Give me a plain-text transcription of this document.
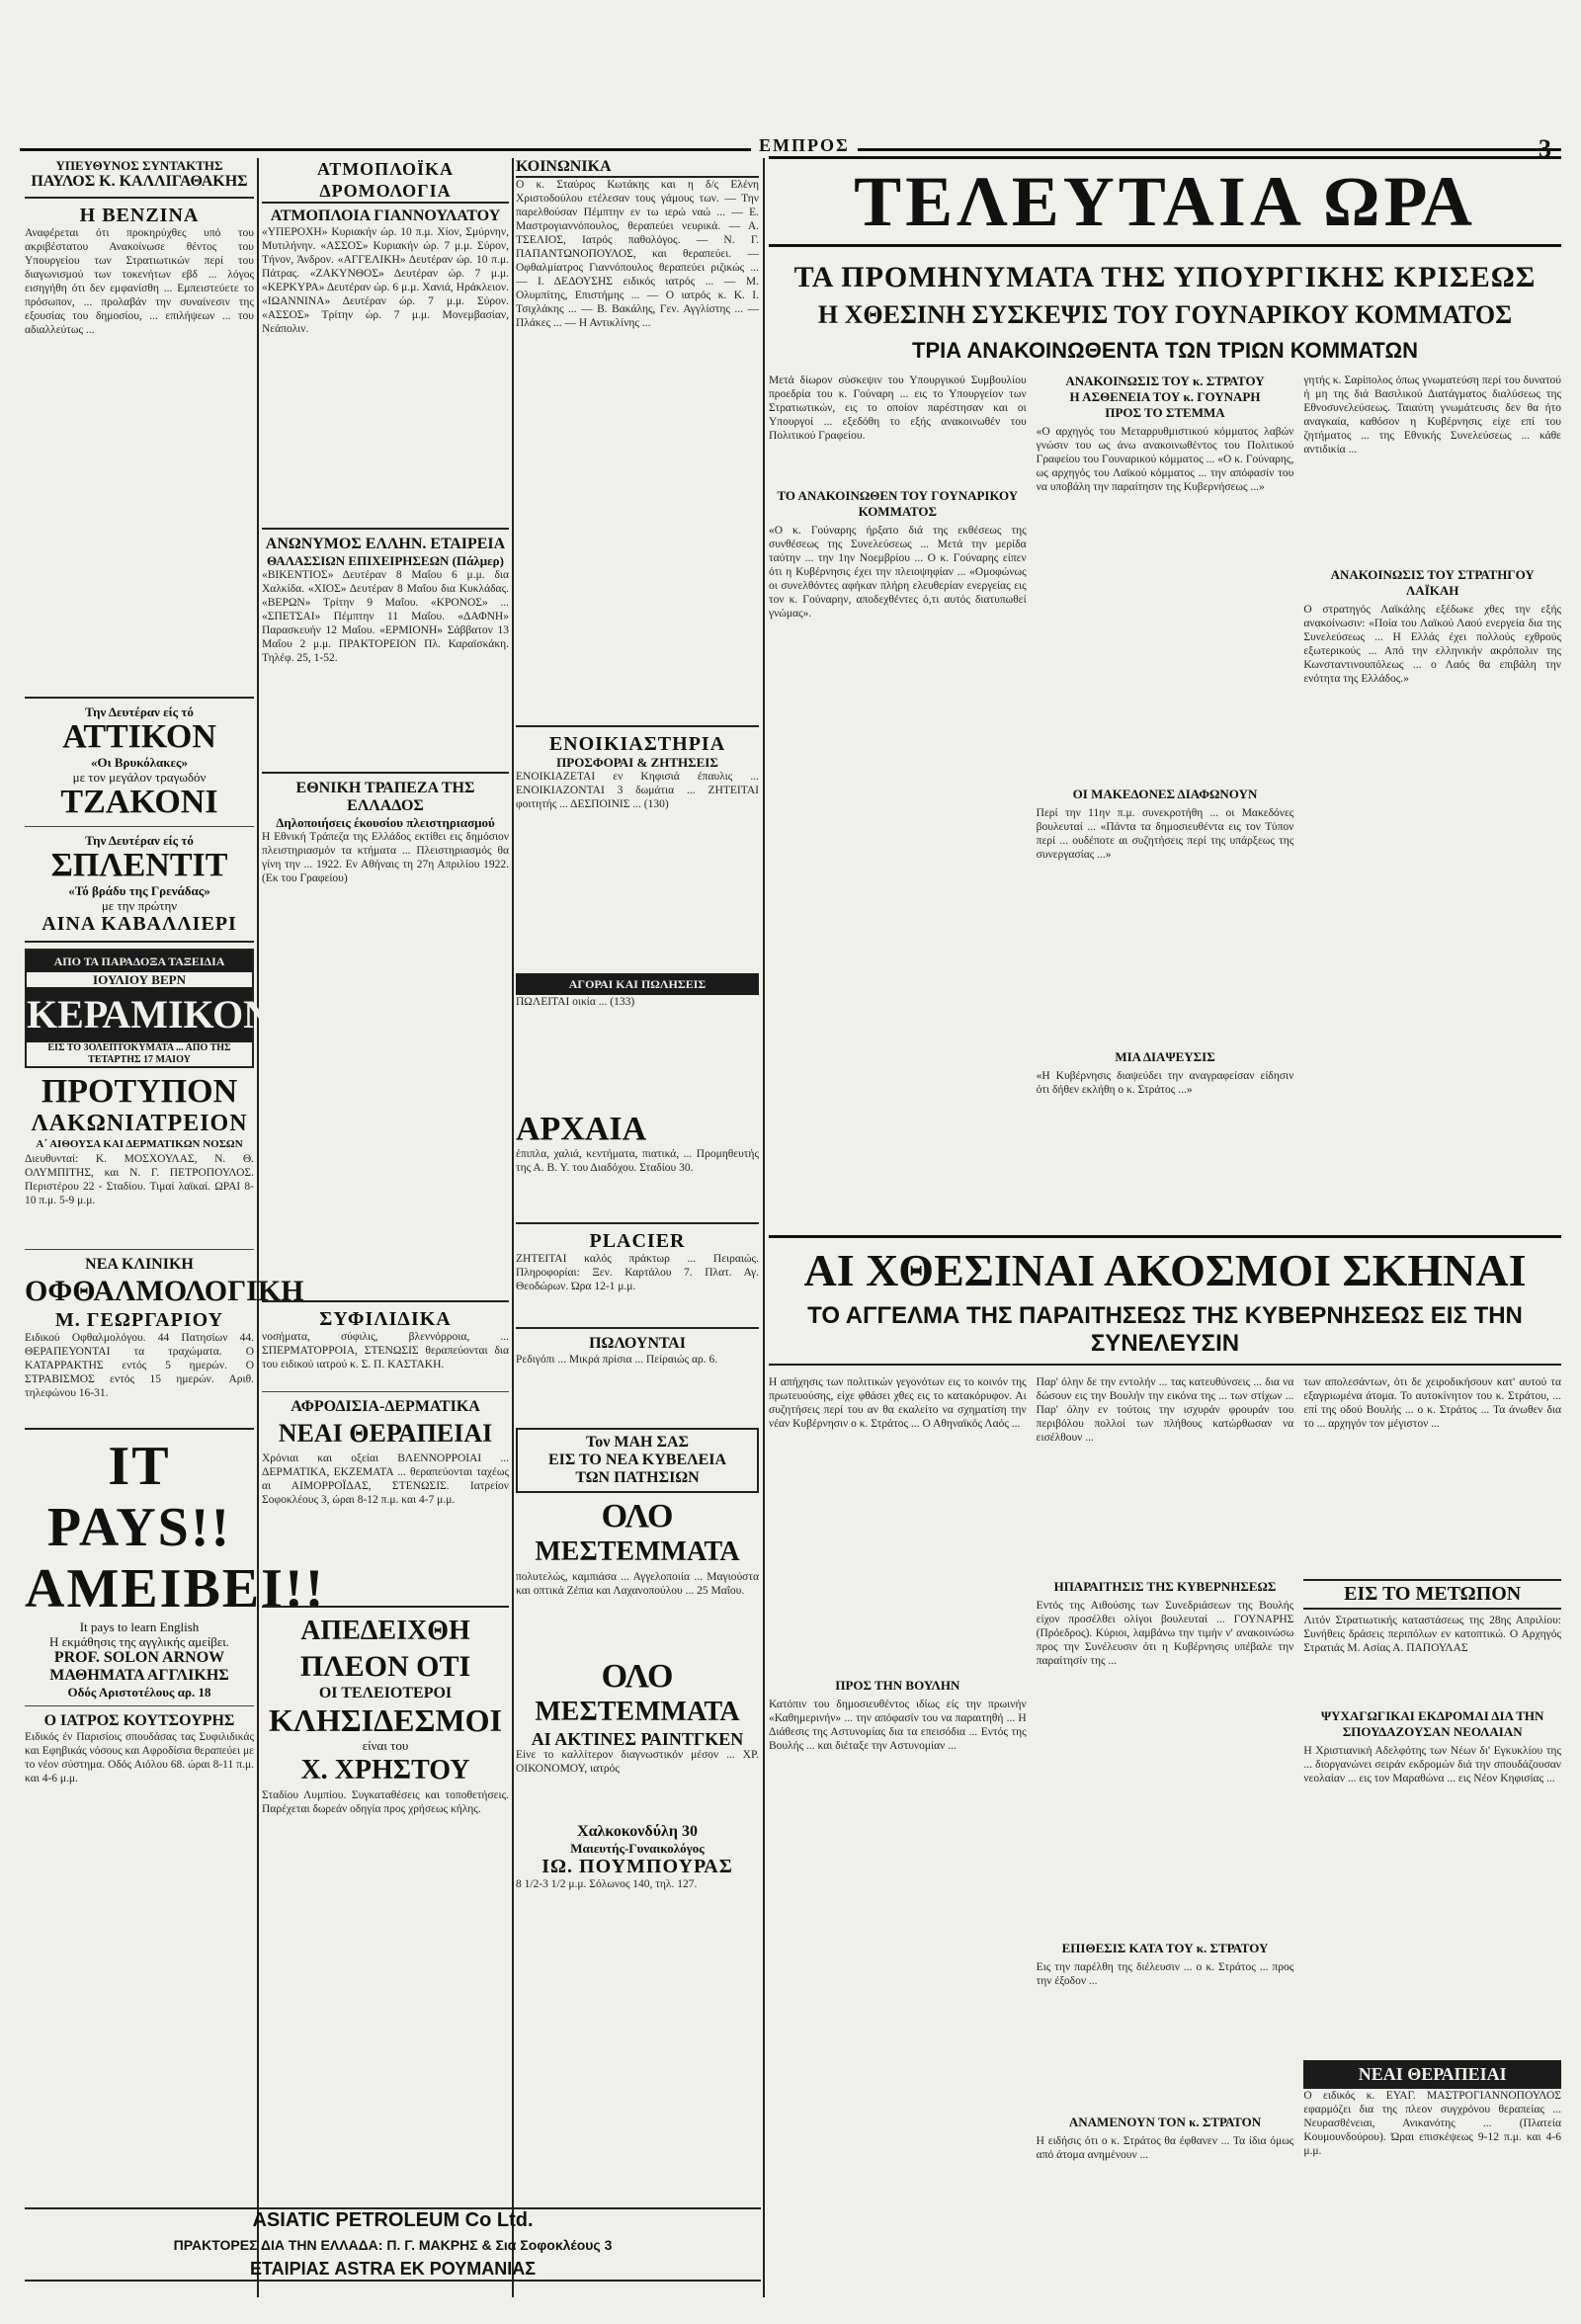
ΕΜΠΡΟΣ	3
ΥΠΕΥΘΥΝΟΣ ΣΥΝΤΑΚΤΗΣ
ΠΑΥΛΟΣ Κ. ΚΑΛΛΙΓΑΘΑΚΗΣ
Η ΒΕΝΖΙΝΑ
Αναφέρεται ότι προκηρύχθες υπό του ακριβέστατου Ανακοίνωσε θέντος του Υπουργείου των Στρατιωτικών περί του διαγωνισμού των τοκενήτων εβδ ... λόγος εισηγήθη ότι δεν εμφανίσθη ... Εμπειστεύετε το πρόσωπον, ... προλαβάν την συναίνεσιν της εξουσίας του δημοσίου, ... επιλήψεων ... του αδιαλλεύτως ...
Την Δευτέραν είς τό
ΑΤΤΙΚΟΝ
«Οι Βρυκόλακες»
με τον μεγάλον τραγωδόν
ΤΖΑΚΟΝΙ
Την Δευτέραν είς τό
ΣΠΛΕΝΤΙΤ
«Τό βράδυ της Γρενάδας»
με την πρώτην
ΑΙΝΑ ΚΑΒΑΛΛΙΕΡΙ
ΑΠΟ ΤΑ ΠΑΡΑΔΟΞΑ ΤΑΞΕΙΔΙΑ
ΙΟΥΛΙΟΥ ΒΕΡΝ
ΚΕΡΑΜΙΚΟΝ
ΕΙΣ ΤΟ 3ΟΛΕΠΤΟΚΥΜΑΤΑ ... ΑΠΟ ΤΗΣ ΤΕΤΑΡΤΗΣ 17 ΜΑΙΟΥ
ΠΡΟΤΥΠΟΝ
ΛΑΚΩΝΙΑΤΡΕΙΟΝ
Α΄ ΑΙΘΟΥΣΑ ΚΑΙ ΔΕΡΜΑΤΙΚΩΝ ΝΟΣΩΝ
Διευθυνταί: Κ. ΜΟΣΧΟΥΛΑΣ, Ν. Θ. ΟΛΥΜΠΙΤΗΣ, και Ν. Γ. ΠΕΤΡΟΠΟΥΛΟΣ. Περιστέρου 22 - Σταδίου. Τιμαί λαϊκαί. ΩΡΑΙ 8-10 π.μ. 5-9 μ.μ.
ΝΕΑ ΚΛΙΝΙΚΗ
ΟΦΘΑΛΜΟΛΟΓΙΚΗ
Μ. ΓΕΩΡΓΑΡΙΟΥ
Ειδικού Οφθαλμολόγου. 44 Πατησίων 44. ΘΕΡΑΠΕΥΟΝΤΑΙ τα τραχώματα. Ο ΚΑΤΑΡΡΑΚΤΗΣ εντός 5 ημερών. Ο ΣΤΡΑΒΙΣΜΟΣ εντός 15 ημερών. Αριθ. τηλεφώνου 16-31.
IT PAYS!!
ΑΜΕΙΒΕΙ!!
It pays to learn English
Η εκμάθησις της αγγλικής αμείβει.
PROF. SOLON ARNOW
ΜΑΘΗΜΑΤΑ ΑΓΓΛΙΚΗΣ
Οδός Αριστοτέλους αρ. 18
Ο ΙΑΤΡΟΣ ΚΟΥΤΣΟΥΡΗΣ
Ειδικός έν Παρισίοις σπουδάσας τας Συφιλιδικάς και Εφηβικάς νόσους και Αφροδίσια θεραπεύει με το νέον σύστημα. Οδός Αιόλου 68. ώραι 8-11 π.μ. και 4-6 μ.μ.
ASIATIC PETROLEUM Co Ltd.
ΠΡΑΚΤΟΡΕΣ ΔΙΑ ΤΗΝ ΕΛΛΑΔΑ: Π. Γ. ΜΑΚΡΗΣ & Σια Σοφοκλέους 3
ΕΤΑΙΡΙΑΣ ASTRA ΕΚ ΡΟΥΜΑΝΙΑΣ
ΑΤΜΟΠΛΟΪΚΑ ΔΡΟΜΟΛΟΓΙΑ
ΑΤΜΟΠΛΟΙΑ ΓΙΑΝΝΟΥΛΑΤΟΥ
«ΥΠΕΡΟΧΗ» Κυριακήν ώρ. 10 π.μ. Χίον, Σμύρνην, Μυτιλήνην. «ΑΣΣΟΣ» Κυριακήν ώρ. 7 μ.μ. Σύρον, Τήνον, Άνδρον. «ΑΓΓΕΛΙΚΗ» Δευτέραν ώρ. 10 π.μ. Πάτρας. «ΖΑΚΥΝΘΟΣ» Δευτέραν ώρ. 7 μ.μ. «ΚΕΡΚΥΡΑ» Δευτέραν ώρ. 6 μ.μ. Χανιά, Ηράκλειον. «ΙΩΑΝΝΙΝΑ» Δευτέραν ώρ. 7 μ.μ. Σύρον. «ΑΣΣΟΣ» Τρίτην ώρ. 7 μ.μ. Μονεμβασίαν, Νεάπολιν.
ΑΝΩΝΥΜΟΣ ΕΛΛΗΝ. ΕΤΑΙΡΕΙΑ
ΘΑΛΑΣΣΙΩΝ ΕΠΙΧΕΙΡΗΣΕΩΝ (Πάλμερ)
«ΒΙΚΕΝΤΙΟΣ» Δευτέραν 8 Μαΐου 6 μ.μ. δια Χαλκίδα. «ΧΙΟΣ» Δευτέραν 8 Μαΐου δια Κυκλάδας. «ΒΕΡΩΝ» Τρίτην 9 Μαΐου. «ΚΡΟΝΟΣ» ... «ΣΠΕΤΣΑΙ» Πέμπτην 11 Μαΐου. «ΔΑΦΝΗ» Παρασκευήν 12 Μαΐου. «ΕΡΜΙΟΝΗ» Σάββατον 13 Μαΐου 2 μ.μ. ΠΡΑΚΤΟΡΕΙΟΝ Πλ. Καραϊσκάκη. Τηλέφ. 25, 1-52.
ΕΘΝΙΚΗ ΤΡΑΠΕΖΑ ΤΗΣ ΕΛΛΑΔΟΣ
Δηλοποιήσεις έκουσίου πλειστηριασμού
Η Εθνική Τράπεζα της Ελλάδος εκτίθει εις δημόσιον πλειστηριασμόν τα κτήματα ... Πλειστηριασμός θα γίνη την ... 1922. Εν Αθήναις τη 27η Απριλίου 1922. (Εκ του Γραφείου)
ΣΥΦΙΛΙΔΙΚΑ
νοσήματα, σύφιλις, βλεννόρροια, ... ΣΠΕΡΜΑΤΟΡΡΟΙΑ, ΣΤΕΝΩΣΙΣ θεραπεύονται δια του ειδικού ιατρού κ. Σ. Π. ΚΑΣΤΑΚΗ.
ΑΦΡΟΔΙΣΙΑ-ΔΕΡΜΑΤΙΚΑ
ΝΕΑΙ ΘΕΡΑΠΕΙΑΙ
Χρόνιαι και οξείαι ΒΛΕΝΝΟΡΡΟΙΑΙ ... ΔΕΡΜΑΤΙΚΑ, ΕΚΖΕΜΑΤΑ ... θεραπεύονται ταχέως αι ΑΙΜΟΡΡΟΪΔΑΣ, ΣΤΕΝΩΣΙΣ. Ιατρείον Σοφοκλέους 3, ώραι 8-12 π.μ. και 4-7 μ.μ.
ΑΠΕΔΕΙΧΘΗ
ΠΛΕΟΝ ΟΤΙ
ΟΙ ΤΕΛΕΙΟΤΕΡΟΙ
ΚΛΗΣΙΔΕΣΜΟΙ
είναι του
Χ. ΧΡΗΣΤΟΥ
Σταδίου Λυμπίου. Συγκαταθέσεις και τοποθετήσεις. Παρέχεται δωρεάν οδηγία προς χρήσεως κήλης.
ΚΟΙΝΩΝΙΚΑ
Ο κ. Σταύρος Κωτάκης και η δ/ς Ελένη Χριστοδούλου ετέλεσαν τους γάμους των. — Την παρελθούσαν Πέμπτην εν τω ιερώ ναώ ... — Ε. Μαστρογιαννόπουλος, θεραπεύει νευρικά. — Α. ΤΣΕΛΙΟΣ, Ιατρός παθολόγος. — Ν. Γ. ΠΑΠΑΝΤΩΝΟΠΟΥΛΟΣ, και θεραπεύει. — Οφθαλμίατρος Γιαννόπουλος θεραπεύει ριζικώς ... — Ι. ΔΕΔΟΥΣΗΣ ειδικός ιατρός ... — Μ. Ολυμπίτης, Επιστήμης ... — Ο ιατρός κ. Κ. Ι. Τσιχλάκης ... — Β. Βακάλης, Γεν. Αγγλίστης ... — Πλάκες ... — Η Αντικλίνης ...
ΕΝΟΙΚΙΑΣΤΗΡΙΑ
ΠΡΟΣΦΟΡΑΙ & ΖΗΤΗΣΕΙΣ
ΕΝΟΙΚΙΑΖΕΤΑΙ εν Κηφισιά έπαυλις ... ΕΝΟΙΚΙΑΖΟΝΤΑΙ 3 δωμάτια ... ΖΗΤΕΙΤΑΙ φοιτητής ... ΔΕΣΠΟΙΝΙΣ ... (130)
ΑΓΟΡΑΙ ΚΑΙ ΠΩΛΗΣΕΙΣ
ΠΩΛΕΙΤΑΙ οικία ... (133)
ΑΡΧΑΙΑ
έπιπλα, χαλιά, κεντήματα, πιατικά, ... Προμηθευτής της Α. Β. Υ. του Διαδόχου. Σταδίου 30.
PLACIER
ΖΗΤΕΙΤΑΙ καλός πράκτωρ ... Πειραιώς. Πληροφορίαι: Ξεν. Καρτάλου 7. Πλατ. Αγ. Θεοδώρων. Ώρα 12-1 μ.μ.
ΠΩΛΟΥΝΤΑΙ
Ρεδιγόπι ... Μικρά πρίσια ... Πείραιώς αρ. 6.
Τον ΜΑΗ ΣΑΣ
ΕΙΣ ΤΟ ΝΕΑ ΚΥΒΕΛΕΙΑ
ΤΩΝ ΠΑΤΗΣΙΩΝ
ΟΛΟ
ΜΕΣΤΕΜΜΑΤΑ
πολυτελώς, καμπιάσα ... Αγγελοποιία ... Μαγιούστα και οπτικά Ζέπια και Λαχανοπούλου ... 25 Μαΐου.
ΟΛΟ
ΜΕΣΤΕΜΜΑΤΑ
ΑΙ ΑΚΤΙΝΕΣ ΡΑΙΝΤΓΚΕΝ
Είνε το καλλίτερον διαγνωστικόν μέσον ... ΧΡ. ΟΙΚΟΝΟΜΟΥ, ιατρός
Χαλκοκονδύλη 30
Μαιευτής-Γυναικολόγος
ΙΩ. ΠΟΥΜΠΟΥΡΑΣ
8 1/2-3 1/2 μ.μ. Σόλωνος 140, τηλ. 127.
ΤΕΛΕΥΤΑΙΑ ΩΡΑ
ΤΑ ΠΡΟΜΗΝΥΜΑΤΑ ΤΗΣ ΥΠΟΥΡΓΙΚΗΣ ΚΡΙΣΕΩΣ
Η ΧΘΕΣΙΝΗ ΣΥΣΚΕΨΙΣ ΤΟΥ ΓΟΥΝΑΡΙΚΟΥ ΚΟΜΜΑΤΟΣ
ΤΡΙΑ ΑΝΑΚΟΙΝΩΘΕΝΤΑ ΤΩΝ ΤΡΙΩΝ ΚΟΜΜΑΤΩΝ
Μετά δίωρον σύσκεψιν του Υπουργικού Συμβουλίου προεδρία του κ. Γούναρη ... εις το Υπουργείον των Στρατιωτικών, εις το οποίον παρέστησαν και οι Υπουργοί ... εξεδόθη το εξής ανακοινωθέν του Πολιτικού Γραφείου.
ΤΟ ΑΝΑΚΟΙΝΩΘΕΝ ΤΟΥ ΓΟΥΝΑΡΙΚΟΥ ΚΟΜΜΑΤΟΣ
«Ο κ. Γούναρης ήρξατο διά της εκθέσεως της συνθέσεως της Συνελεύσεως ... Μετά την μερίδα ταύτην ... την 1ην Νοεμβρίου ... Ο κ. Γούναρης είπεν ότι η Κυβέρνησις έχει την πλειοψηφίαν ... «Ομοφώνως οι συνελθόντες αφήκαν πλήρη ελευθερίαν ενεργείας εις τον κ. Γούναρην, αποδεχθέντες ό,τι αυτός διατυπωθεί γνώμας».
ΑΝΑΚΟΙΝΩΣΙΣ ΤΟΥ κ. ΣΤΡΑΤΟΥ
Η ΑΣΘΕΝΕΙΑ ΤΟΥ κ. ΓΟΥΝΑΡΗ
ΠΡΟΣ ΤΟ ΣΤΕΜΜΑ
«Ο αρχηγός του Μεταρρυθμιστικού κόμματος λαβών γνώσιν του ως άνω ανακοινωθέντος του Πολιτικού Γραφείου του Γουναρικού κόμματος ... «Ο κ. Γούναρης, ως αρχηγός του Λαϊκού κόμματος ... την απόφασίν του να υποβάλη την παραίτησιν της Κυβερνήσεως ...»
ΟΙ ΜΑΚΕΔΟΝΕΣ ΔΙΑΦΩΝΟΥΝ
Περί την 11ην π.μ. συνεκροτήθη ... οι Μακεδόνες βουλευταί ... «Πάντα τα δημοσιευθέντα εις τον Τύπον περί ... ουδέποτε αι συζητήσεις περί της υπάρξεως της συνεργασίας ...»
ΜΙΑ ΔΙΑΨΕΥΣΙΣ
«Η Κυβέρνησις διαψεύδει την αναγραφείσαν είδησιν ότι δήθεν εκλήθη ο κ. Στράτος ...»
γητής κ. Σαρίπολος όπως γνωματεύση περί του δυνατού ή μη της διά Βασιλικού Διατάγματος διαλύσεως της Εθνοσυνελεύσεως. Ταιαύτη γνωμάτευσις δεν θα ήτο αναγκαία, καθόσον η Κυβέρνησις είχε επί του ζητήματος ... της Εθνικής Συνελεύσεως ... κάθε αντιδικία ...
ΑΝΑΚΟΙΝΩΣΙΣ ΤΟΥ ΣΤΡΑΤΗΓΟΥ ΛΑΪΚΑΗ
Ο στρατηγός Λαϊκάλης εξέδωκε χθες την εξής ανακοίνωσιν: «Ποία του Λαϊκού Λαού ενεργεία δια της Συνελεύσεως ... Η Ελλάς έχει πολλούς εχθρούς εξωτερικούς ... Από την ελληνικήν ακρόπολιν της Κωνσταντινουπόλεως ... ο Λαός θα επιβάλη την ενότητα της Ελλάδος.»
ΑΙ ΧΘΕΣΙΝΑΙ ΑΚΟΣΜΟΙ ΣΚΗΝΑΙ
ΤΟ ΑΓΓΕΛΜΑ ΤΗΣ ΠΑΡΑΙΤΗΣΕΩΣ ΤΗΣ ΚΥΒΕΡΝΗΣΕΩΣ ΕΙΣ ΤΗΝ ΣΥΝΕΛΕΥΣΙΝ
Η απήχησις των πολιτικών γεγονότων εις το κοινόν της πρωτευούσης, είχε φθάσει χθες εις το κατακόρυφον. Αι συζητήσεις περί του αν θα εκαλείτο να σχηματίση την νέαν Κυβέρνησιν ο κ. Στράτος ... Ο Αθηναϊκός Λαός ...
ΠΡΟΣ ΤΗΝ ΒΟΥΛΗΝ
Κατόπιν του δημοσιευθέντος ιδίως είς την πρωινήν «Καθημερινήν» ... την απόφασίν του να παραιτηθή ... Η Διάθεσις της Αστυνομίας δια τα επεισόδια ... Εντός της Βουλής ... και διέταξε την Αστυνομίαν ...
Παρ' όλην δε την εντολήν ... τας κατευθύνσεις ... δια να δώσουν εις την Βουλήν την εικόνα της ... των στίχων ... Παρ' όλην εν τούτοις την ισχυράν φρουράν του περιβόλου πολλοί των πλήθους κατώρθωσαν να εισέλθουν ...
ΗΠΑΡΑΙΤΗΣΙΣ ΤΗΣ ΚΥΒΕΡΝΗΣΕΩΣ
Εντός της Αιθούσης των Συνεδριάσεων της Βουλής είχον προσέλθει ολίγοι βουλευταί ... ΓΟΥΝΑΡΗΣ (Πρόεδρος). Κύριοι, λαμβάνω την τιμήν ν' ανακοινώσω προς την Συνέλευσιν ότι η Κυβέρνησις υπέβαλε την παραίτησίν της ...
ΕΠΙΘΕΣΙΣ ΚΑΤΑ ΤΟΥ κ. ΣΤΡΑΤΟΥ
Εις την παρέλθη της διέλευσιν ... ο κ. Στράτος ... προς την έξοδον ...
ΑΝΑΜΕΝΟΥΝ ΤΟΝ κ. ΣΤΡΑΤΟΝ
Η ειδήσις ότι ο κ. Στράτος θα έφθανεν ... Τα ίδια όμως από άτομα ανημένουν ...
των απολεσάντων, ότι δε χειροδικήσουν κατ' αυτού τα εξαγριωμένα άτομα. Το αυτοκίνητον του κ. Στράτου, ... επί της οδού Βουλής ... ο κ. Στράτος ... Τα άνωθεν δια το ... αρχηγόν τον μέγιστον ...
ΕΙΣ ΤΟ ΜΕΤΩΠΟΝ
Λιτόν Στρατιωτικής καταστάσεως της 28ης Απριλίου: Συνήθεις δράσεις περιπόλων εν κατοπτικώ. Ο Αρχηγός Στρατιάς Μ. Ασίας Α. ΠΑΠΟΥΛΑΣ
ΨΥΧΑΓΩΓΙΚΑΙ ΕΚΔΡΟΜΑΙ ΔΙΑ ΤΗΝ ΣΠΟΥΔΑΖΟΥΣΑΝ ΝΕΟΛΑΙΑΝ
Η Χριστιανική Αδελφότης των Νέων δι' Εγκυκλίου της ... διοργανώνει σειράν εκδρομών διά την σπουδάζουσαν νεολαίαν ... εις τον Μαραθώνα ... εις Νέον Κηφισίας ...
ΝΕΑΙ ΘΕΡΑΠΕΙΑΙ
Ο ειδικός κ. ΕΥΑΓ. ΜΑΣΤΡΟΓΙΑΝΝΟΠΟΥΛΟΣ εφαρμόζει δια της πλεον συγχρόνου θεραπείας ... Νευρασθένειαι, Ανικανότης ... (Πλατεία Κουμουνδούρου). Ώραι επισκέψεως 9-12 π.μ. και 4-6 μ.μ.
